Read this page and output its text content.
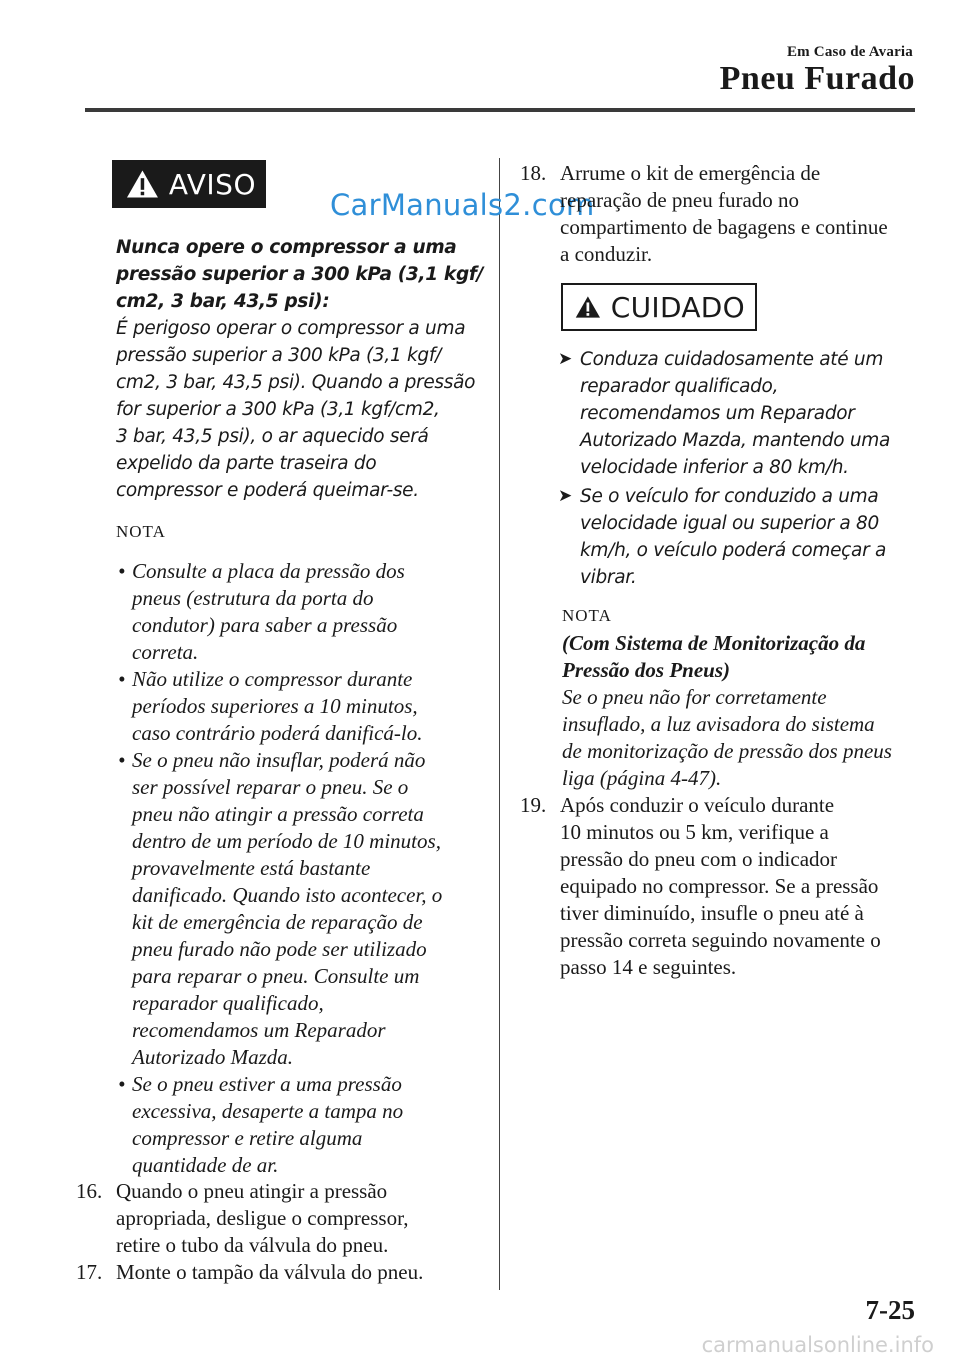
Em Caso de Avaria
Pneu Furado
AVISO
CarManuals2.com

Nunca opere o compressor a uma

pressão superior a 300 kPa (3,1 kgf/

cm2, 3 bar, 43,5 psi):

É perigoso operar o compressor a uma

pressão superior a 300 kPa (3,1 kgf/

cm2, 3 bar, 43,5 psi). Quando a pressão

for superior a 300 kPa (3,1 kgf/cm2,

3 bar, 43,5 psi), o ar aquecido será

expelido da parte traseira do

compressor e poderá queimar-se.

NOTA
• Consulte a placa da pressão dos

pneus (estrutura da porta do

condutor) para saber a pressão

correta.

• Não utilize o compressor durante

períodos superiores a 10 minutos,

caso contrário poderá danificá-lo.

• Se o pneu não insuflar, poderá não

ser possível reparar o pneu. Se o

pneu não atingir a pressão correta

dentro de um período de 10 minutos,

provavelmente está bastante

danificado. Quando isto acontecer, o

kit de emergência de reparação de

pneu furado não pode ser utilizado

para reparar o pneu. Consulte um

reparador qualificado,

recomendamos um Reparador

Autorizado Mazda.

• Se o pneu estiver a uma pressão

excessiva, desaperte a tampa no

compressor e retire alguma

quantidade de ar.

16. Quando o pneu atingir a pressão

apropriada, desligue o compressor,

retire o tubo da válvula do pneu.

17. Monte o tampão da válvula do pneu.

18. Arrume o kit de emergência de

reparação de pneu furado no

compartimento de bagagens e continue

a conduzir.

CUIDADO
➤ Conduza cuidadosamente até um

reparador qualificado,

recomendamos um Reparador

Autorizado Mazda, mantendo uma

velocidade inferior a 80 km/h.

➤ Se o veículo for conduzido a uma

velocidade igual ou superior a 80

km/h, o veículo poderá começar a

vibrar.

NOTA

(Com Sistema de Monitorização da

Pressão dos Pneus)

Se o pneu não for corretamente

insuflado, a luz avisadora do sistema

de monitorização de pressão dos pneus

liga (página 4-47).

19. Após conduzir o veículo durante

10 minutos ou 5 km, verifique a

pressão do pneu com o indicador

equipado no compressor. Se a pressão

tiver diminuído, insufle o pneu até à

pressão correta seguindo novamente o

passo 14 e seguintes.

7-25
carmanualsonline.info
